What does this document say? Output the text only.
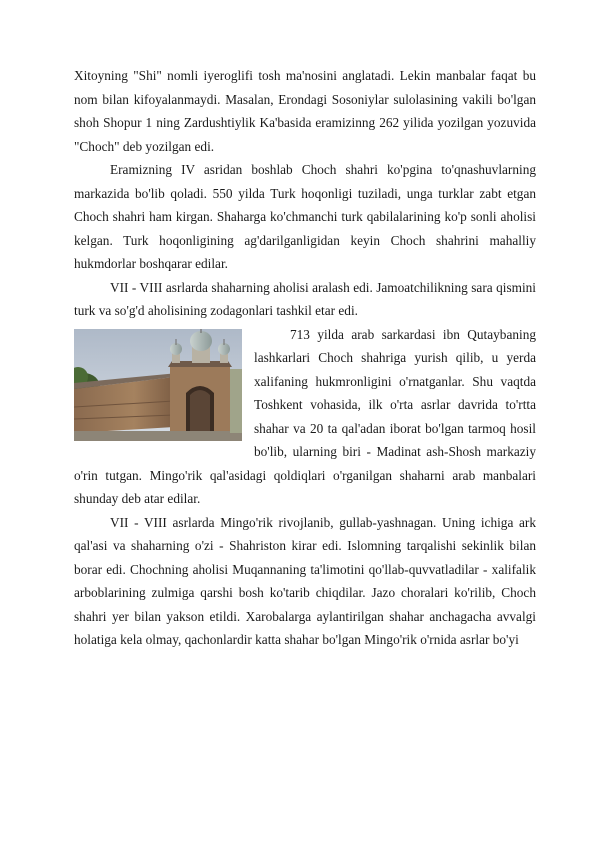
Xitoyning "Shi" nomli iyeroglifi tosh ma'nosini anglatadi. Lekin manbalar faqat bu nom bilan kifoyalanmaydi. Masalan, Erondagi Sosoniylar sulolasining vakili bo'lgan shoh Shopur 1 ning Zardushtiylik Ka'basida eramizinng 262 yilida yozilgan yozuvida "Choch" deb yozilgan edi.

Eramizning IV asridan boshlab Choch shahri ko'pgina to'qnashuvlarning markazida bo'lib qoladi. 550 yilda Turk hoqonligi tuziladi, unga turklar zabt etgan Choch shahri ham kirgan. Shaharga ko'chmanchi turk qabilalarining ko'p sonli aholisi kelgan. Turk hoqonligining ag'darilganligidan keyin Choch shahrini mahalliy hukmdorlar boshqarar edilar.

VII - VIII asrlarda shaharning aholisi aralash edi. Jamoatchilikning sara qismini turk va so'g'd aholisining zodagonlari tashkil etar edi.

713 yilda arab sarkardasi ibn Qutaybaning lashkarlari Choch shahriga yurish qilib, u yerda xalifaning hukmronligini o'rnatganlar. Shu vaqtda Toshkent vohasida, ilk o'rta asrlar davrida to'rtta shahar va 20 ta qal'adan iborat bo'lgan tarmoq hosil bo'lib, ularning biri - Madinat ash-Shosh markaziy o'rin tutgan. Mingo'rik qal'asidagi qoldiqlari o'rganilgan shaharni arab manbalari shunday deb atar edilar.

VII - VIII asrlarda Mingo'rik rivojlanib, gullab-yashnagan. Uning ichiga ark qal'asi va shaharning o'zi - Shahriston kirar edi. Islomning tarqalishi sekinlik bilan borar edi. Chochning aholisi Muqannaning ta'limotini qo'llab-quvvatladilar - xalifalik arboblarining zulmiga qarshi bosh ko'tarib chiqdilar. Jazo choralari ko'rilib, Choch shahri yer bilan yakson etildi. Xarobalarga aylantirilgan shahar anchagacha avvalgi holatiga kela olmay, qachonlardir katta shahar bo'lgan Mingo'rik o'rnida asrlar bo'yi
